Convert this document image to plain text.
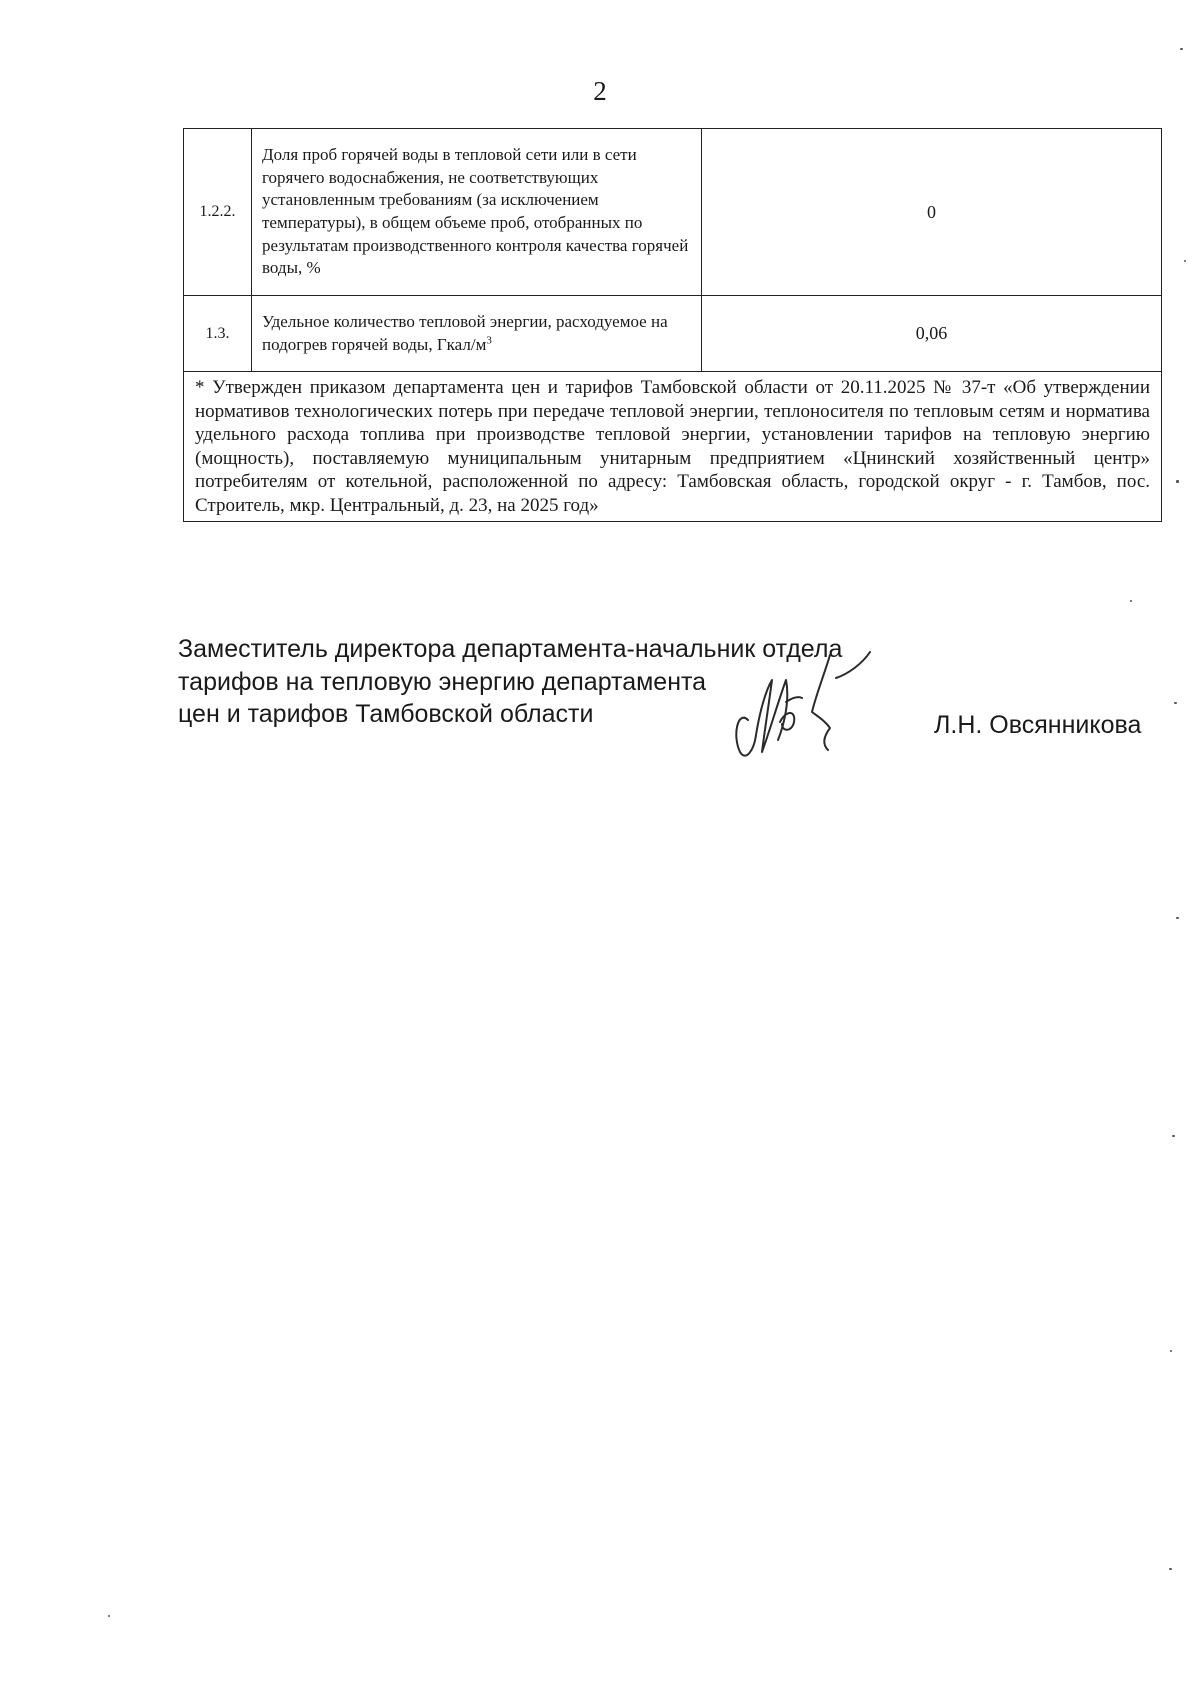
2
1.2.2.	Доля проб горячей воды в тепловой сети или в сети горячего водоснабжения, не соответствующих установленным требованиям (за исключением температуры), в общем объеме проб, отобранных по результатам производственного контроля качества горячей воды, %	0
1.3.	Удельное количество тепловой энергии, расходуемое на подогрев горячей воды, Гкал/$м^3$	0,06
* Утвержден приказом департамента цен и тарифов Тамбовской области от 20.11.2025 № 37-т «Об утверждении нормативов технологических потерь при передаче тепловой энергии, теплоносителя по тепловым сетям и норматива удельного расхода топлива при производстве тепловой энергии, установлении тарифов на тепловую энергию (мощность), поставляемую муниципальным унитарным предприятием «Цнинский хозяйственный центр» потребителям от котельной, расположенной по адресу: Тамбовская область, городской округ - г. Тамбов, пос. Строитель, мкр. Центральный, д. 23, на 2025 год»		
Заместитель директора департамента-начальник отдела
тарифов на тепловую энергию департамента
цен и тарифов Тамбовской области	Л.Н. Овсянникова
